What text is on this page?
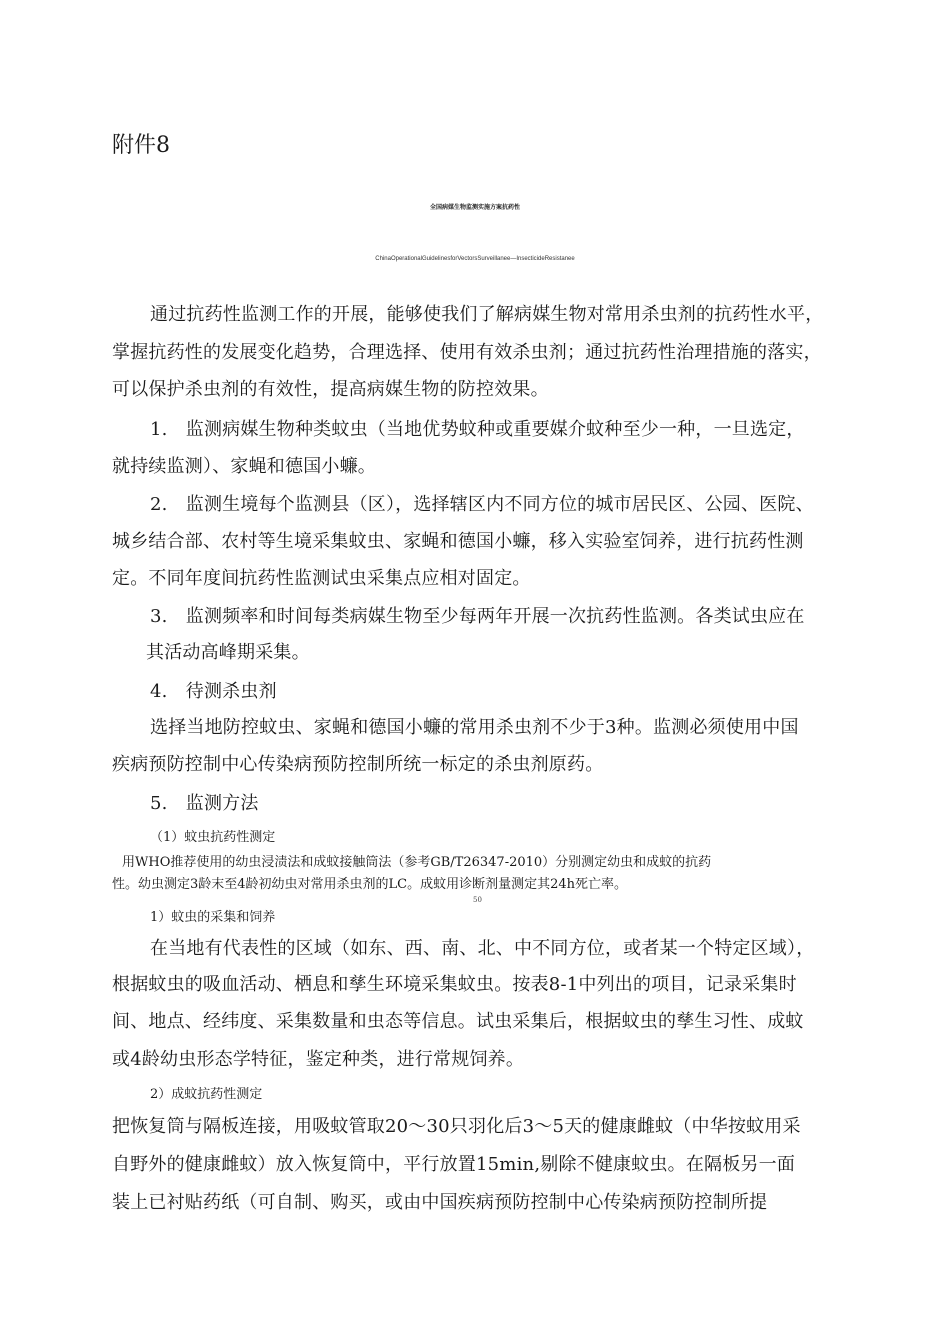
附件8

全国病媒生物监测实施方案抗药性

ChinaOperationalGuidelinesforVectorsSurveillanee—InsecticideResistanee

通过抗药性监测工作的开展，能够使我们了解病媒生物对常用杀虫剂的抗药性水平，

掌握抗药性的发展变化趋势，合理选择、使用有效杀虫剂；通过抗药性治理措施的落实，

可以保护杀虫剂的有效性，提高病媒生物的防控效果。

1.　监测病媒生物种类蚊虫（当地优势蚊种或重要媒介蚊种至少一种，一旦选定，

就持续监测）、家蝇和德国小蠊。

2.　监测生境每个监测县（区），选择辖区内不同方位的城市居民区、公园、医院、

城乡结合部、农村等生境采集蚊虫、家蝇和德国小蠊，移入实验室饲养，进行抗药性测

定。不同年度间抗药性监测试虫采集点应相对固定。

3.　监测频率和时间每类病媒生物至少每两年开展一次抗药性监测。各类试虫应在

其活动高峰期采集。

4.　待测杀虫剂

选择当地防控蚊虫、家蝇和德国小蠊的常用杀虫剂不少于3种。监测必须使用中国

疾病预防控制中心传染病预防控制所统一标定的杀虫剂原药。

5.　监测方法

（1）蚊虫抗药性测定

用WHO推荐使用的幼虫浸渍法和成蚊接触筒法（参考GB/T26347-2010）分别测定幼虫和成蚊的抗药

性。幼虫测定3龄末至4龄初幼虫对常用杀虫剂的LC。成蚊用诊断剂量测定其24h死亡率。

50

1）蚊虫的采集和饲养

在当地有代表性的区域（如东、西、南、北、中不同方位，或者某一个特定区域），

根据蚊虫的吸血活动、栖息和孳生环境采集蚊虫。按表8-1中列出的项目，记录采集时

间、地点、经纬度、采集数量和虫态等信息。试虫采集后，根据蚊虫的孳生习性、成蚊

或4龄幼虫形态学特征，鉴定种类，进行常规饲养。

2）成蚊抗药性测定

把恢复筒与隔板连接，用吸蚊管取20〜30只羽化后3〜5天的健康雌蚊（中华按蚊用采

自野外的健康雌蚊）放入恢复筒中，平行放置15min,剔除不健康蚊虫。在隔板另一面

装上已衬贴药纸（可自制、购买，或由中国疾病预防控制中心传染病预防控制所提
